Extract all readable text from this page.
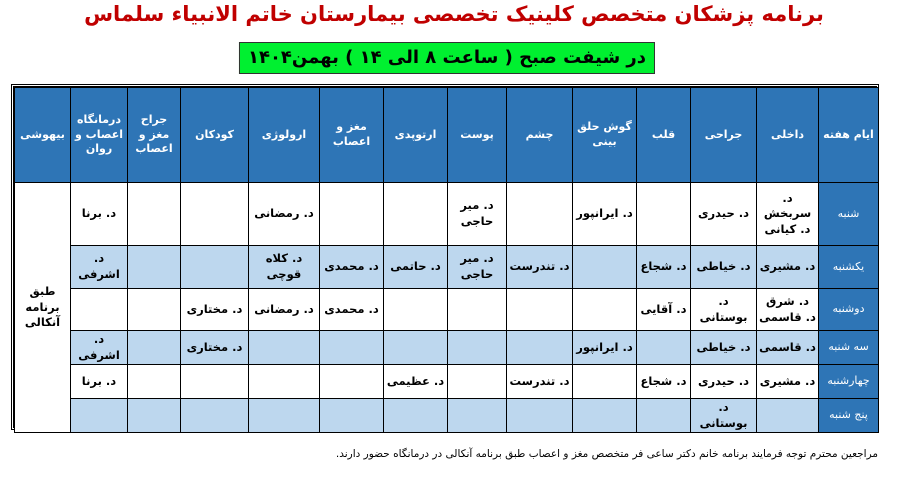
برنامه پزشکان متخصص کلینیک تخصصی بیمارستان خاتم الانبیاء سلماس
در شیفت صبح ( ساعت ۸ الی ۱۴ ) بهمن۱۴۰۴
ایام هفته	داخلی	جراحی	قلب	گوش حلق بینی	چشم	پوست	ارتوپدی	مغز و اعصاب	ارولوژی	کودکان	جراح مغز و اعصاب	درمانگاه اعصاب و روان	بیهوشی
شنبه	د. سربخش د. کیانی	د. حیدری		د. ایرانپور		د. میر حاجی			د. رمضانی			د. برنا	طبق برنامه آنکالی
یکشنبه	د. مشیری	د. خیاطی	د. شجاع		د. تندرست	د. میر حاجی	د. حاتمی	د. محمدی	د. کلاه قوچی			د. اشرفی	
دوشنبه	د. شرق د. قاسمی	د. بوستانی	د. آقایی					د. محمدی	د. رمضانی	د. مختاری			
سه شنبه	د. قاسمی	د. خیاطی		د. ایرانپور						د. مختاری		د. اشرفی	
چهارشنبه	د. مشیری	د. حیدری	د. شجاع		د. تندرست		د. عظیمی					د. برنا	
پنج شنبه		د. بوستانی											
مراجعین محترم توجه فرمایند برنامه خانم دکتر ساعی فر متخصص مغز و اعصاب طبق برنامه آنکالی در درمانگاه حضور دارند.
